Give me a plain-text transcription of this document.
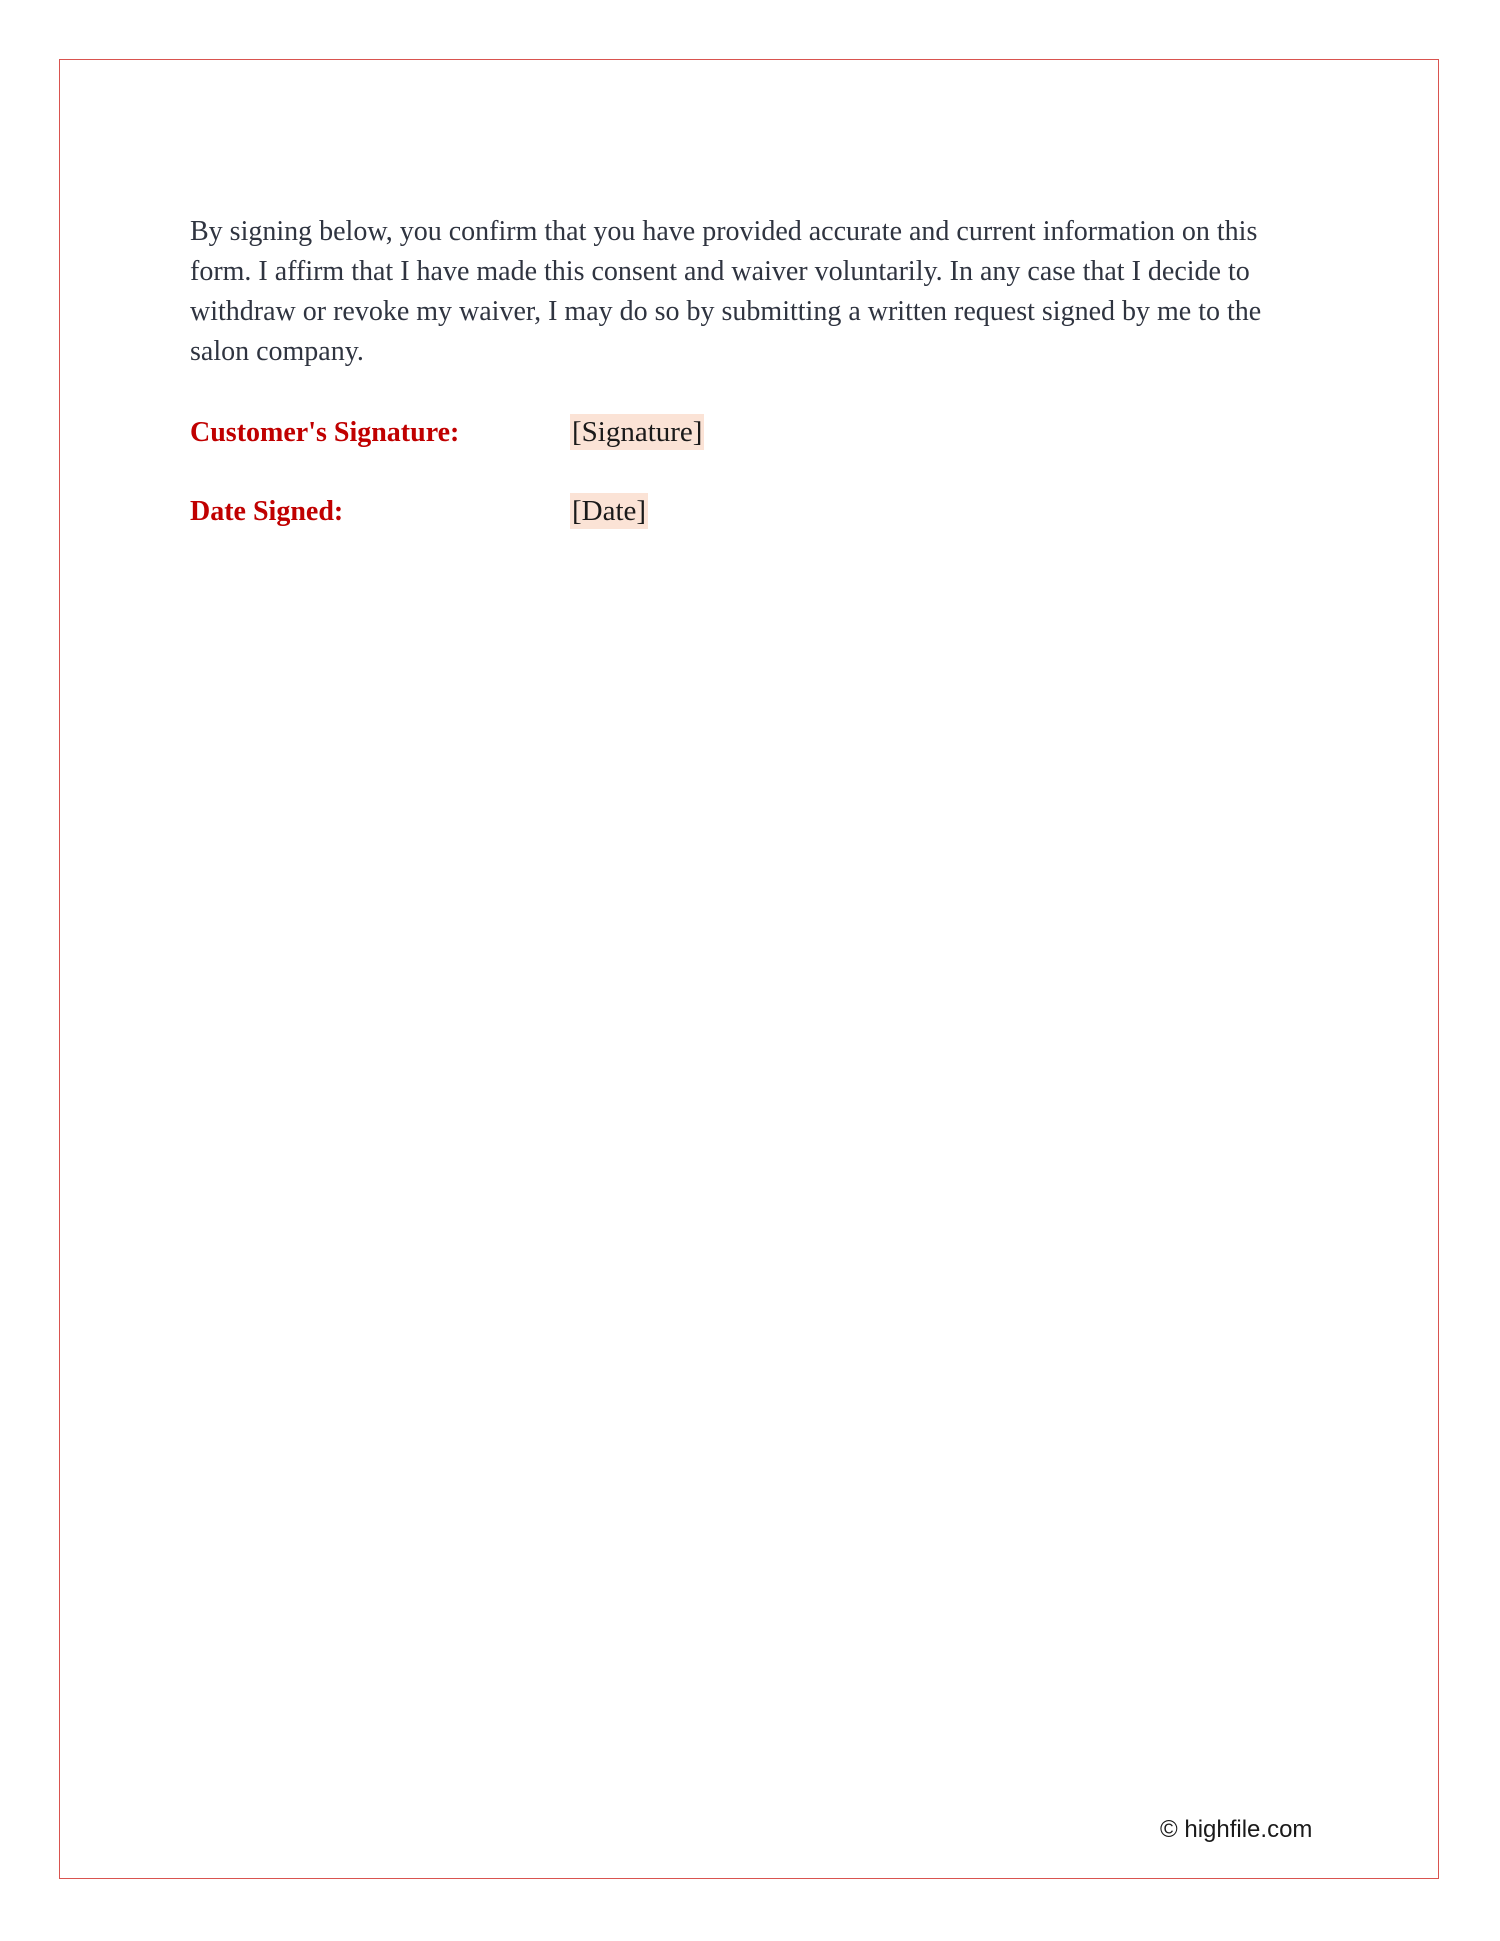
By signing below, you confirm that you have provided accurate and current information on this form. I affirm that I have made this consent and waiver voluntarily. In any case that I decide to withdraw or revoke my waiver, I may do so by submitting a written request signed by me to the salon company.

Customer's Signature:	[Signature]
Date Signed:	[Date]
© highfile.com
